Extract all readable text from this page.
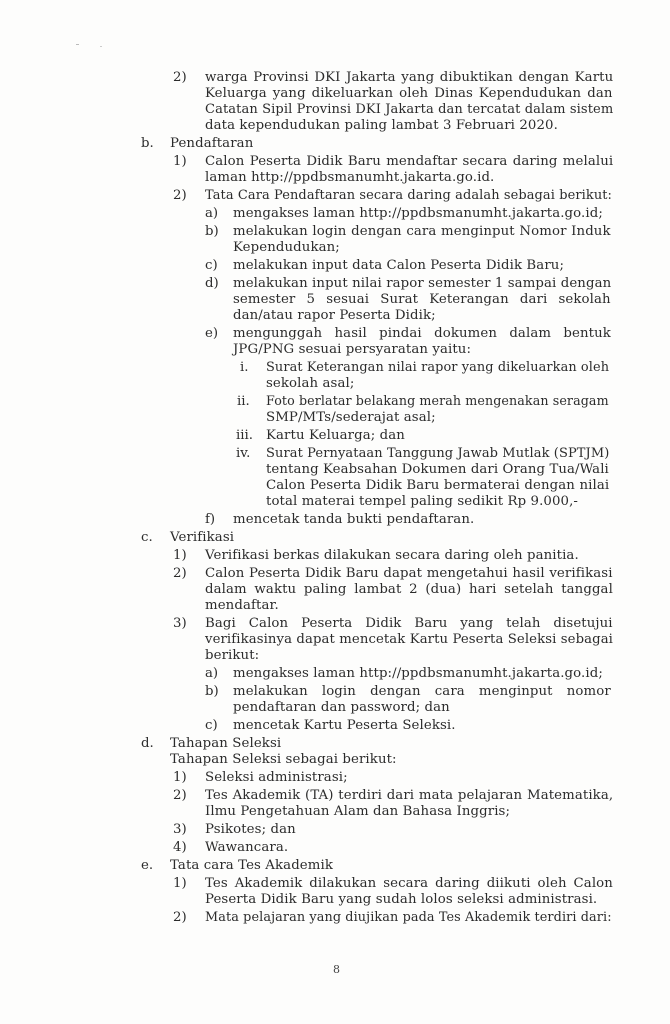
2) warga Provinsi DKI Jakarta yang dibuktikan dengan Kartu
Keluarga yang dikeluarkan oleh Dinas Kependudukan dan
Catatan Sipil Provinsi DKI Jakarta dan tercatat dalam sistem
data kependudukan paling lambat 3 Februari 2020.
b. Pendaftaran
1) Calon Peserta Didik Baru mendaftar secara daring melalui
laman http://ppdbsmanumht.jakarta.go.id.
2) Tata Cara Pendaftaran secara daring adalah sebagai berikut:
a) mengakses laman http://ppdbsmanumht.jakarta.go.id;
b) melakukan login dengan cara menginput Nomor Induk
Kependudukan;
c) melakukan input data Calon Peserta Didik Baru;
d) melakukan input nilai rapor semester 1 sampai dengan
semester 5 sesuai Surat Keterangan dari sekolah
dan/atau rapor Peserta Didik;
e) mengunggah hasil pindai dokumen dalam bentuk
JPG/PNG sesuai persyaratan yaitu:
i. Surat Keterangan nilai rapor yang dikeluarkan oleh
sekolah asal;
ii. Foto berlatar belakang merah mengenakan seragam
SMP/MTs/sederajat asal;
iii. Kartu Keluarga; dan
iv. Surat Pernyataan Tanggung Jawab Mutlak (SPTJM)
tentang Keabsahan Dokumen dari Orang Tua/Wali
Calon Peserta Didik Baru bermaterai dengan nilai
total materai tempel paling sedikit Rp 9.000,-
f) mencetak tanda bukti pendaftaran.
c. Verifikasi
1) Verifikasi berkas dilakukan secara daring oleh panitia.
2) Calon Peserta Didik Baru dapat mengetahui hasil verifikasi
dalam waktu paling lambat 2 (dua) hari setelah tanggal
mendaftar.
3) Bagi Calon Peserta Didik Baru yang telah disetujui
verifikasinya dapat mencetak Kartu Peserta Seleksi sebagai
berikut:
a) mengakses laman http://ppdbsmanumht.jakarta.go.id;
b) melakukan login dengan cara menginput nomor
pendaftaran dan password; dan
c) mencetak Kartu Peserta Seleksi.
d. Tahapan Seleksi
Tahapan Seleksi sebagai berikut:
1) Seleksi administrasi;
2) Tes Akademik (TA) terdiri dari mata pelajaran Matematika,
Ilmu Pengetahuan Alam dan Bahasa Inggris;
3) Psikotes; dan
4) Wawancara.
e. Tata cara Tes Akademik
1) Tes Akademik dilakukan secara daring diikuti oleh Calon
Peserta Didik Baru yang sudah lolos seleksi administrasi.
2) Mata pelajaran yang diujikan pada Tes Akademik terdiri dari:
8
